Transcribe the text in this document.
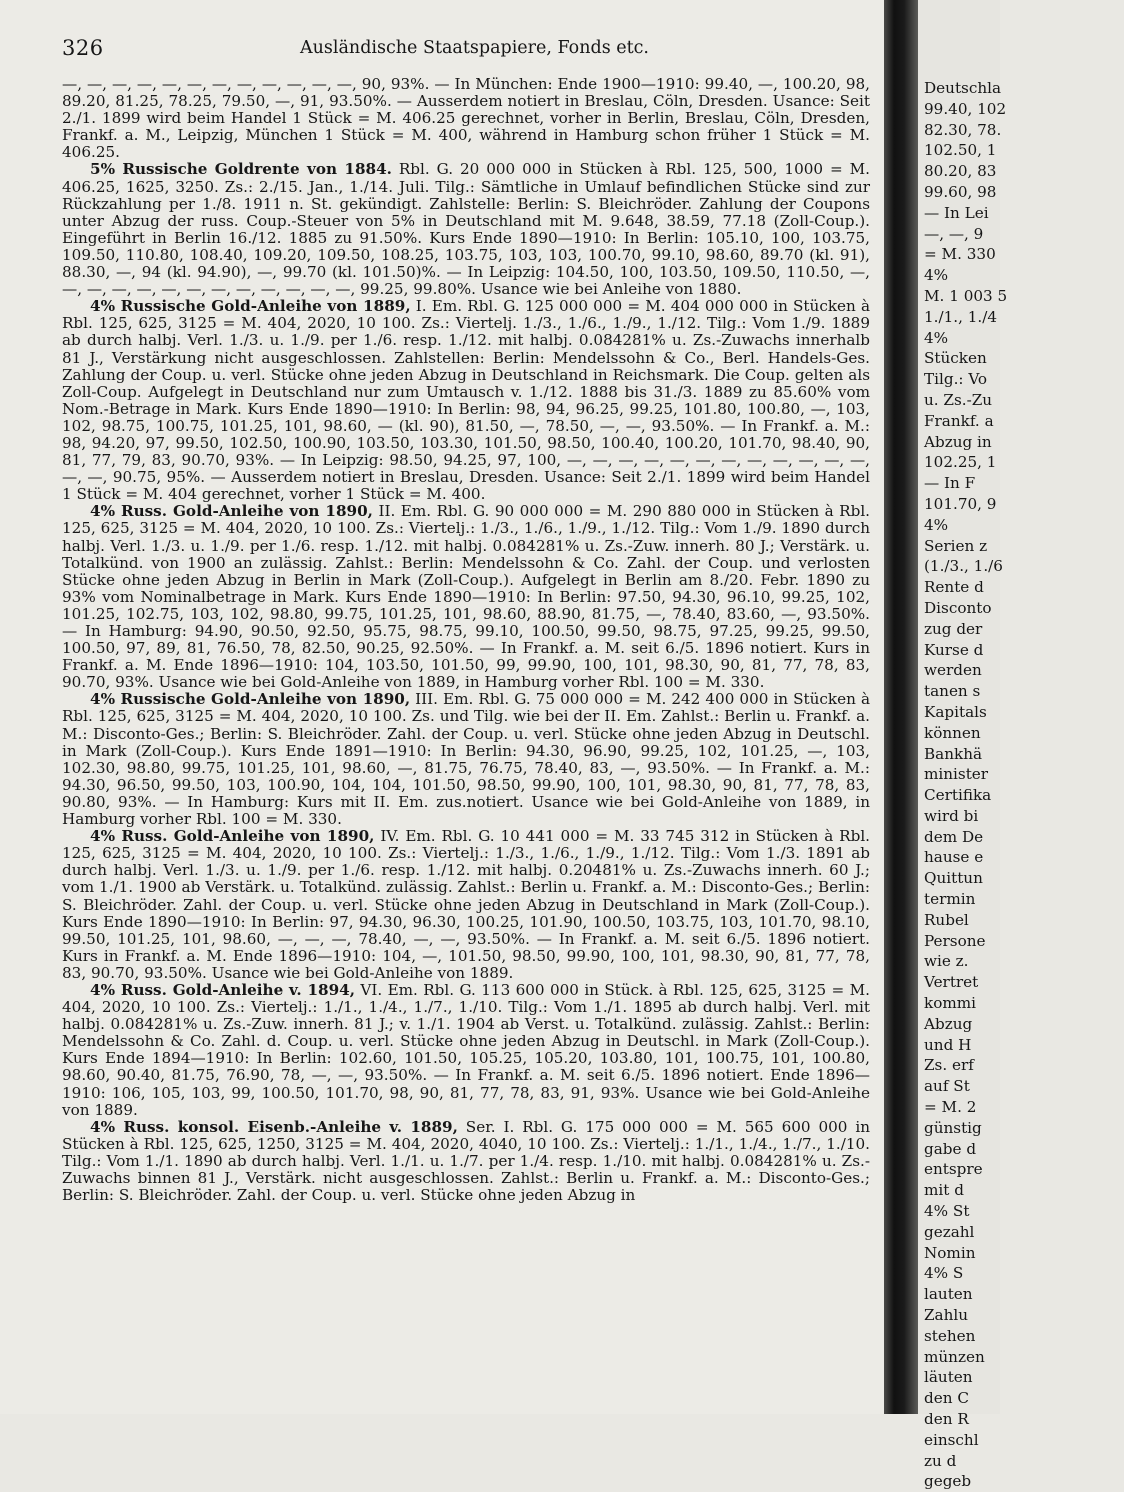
326	Ausländische Staatspapiere, Fonds etc.

—, —, —, —, —, —, —, —, —, —, —, —, 90, 93%. — In München: Ende 1900—1910: 99.40, —, 100.20, 98, 89.20, 81.25, 78.25, 79.50, —, 91, 93.50%. — Ausserdem notiert in Breslau, Cöln, Dresden. Usance: Seit 2./1. 1899 wird beim Handel 1 Stück = M. 406.25 gerechnet, vorher in Berlin, Breslau, Cöln, Dresden, Frankf. a. M., Leipzig, München 1 Stück = M. 400, während in Hamburg schon früher 1 Stück = M. 406.25.

5% Russische Goldrente von 1884. Rbl. G. 20 000 000 in Stücken à Rbl. 125, 500, 1000 = M. 406.25, 1625, 3250. Zs.: 2./15. Jan., 1./14. Juli. Tilg.: Sämtliche in Umlauf befindlichen Stücke sind zur Rückzahlung per 1./8. 1911 n. St. gekündigt. Zahlstelle: Berlin: S. Bleichröder. Zahlung der Coupons unter Abzug der russ. Coup.-Steuer von 5% in Deutschland mit M. 9.648, 38.59, 77.18 (Zoll-Coup.). Eingeführt in Berlin 16./12. 1885 zu 91.50%. Kurs Ende 1890—1910: In Berlin: 105.10, 100, 103.75, 109.50, 110.80, 108.40, 109.20, 109.50, 108.25, 103.75, 103, 103, 100.70, 99.10, 98.60, 89.70 (kl. 91), 88.30, —, 94 (kl. 94.90), —, 99.70 (kl. 101.50)%. — In Leipzig: 104.50, 100, 103.50, 109.50, 110.50, —, —, —, —, —, —, —, —, —, —, —, —, —, 99.25, 99.80%. Usance wie bei Anleihe von 1880.

4% Russische Gold-Anleihe von 1889, I. Em. Rbl. G. 125 000 000 = M. 404 000 000 in Stücken à Rbl. 125, 625, 3125 = M. 404, 2020, 10 100. Zs.: Viertelj. 1./3., 1./6., 1./9., 1./12. Tilg.: Vom 1./9. 1889 ab durch halbj. Verl. 1./3. u. 1./9. per 1./6. resp. 1./12. mit halbj. 0.084281% u. Zs.-Zuwachs innerhalb 81 J., Verstärkung nicht ausgeschlossen. Zahlstellen: Berlin: Mendelssohn & Co., Berl. Handels-Ges. Zahlung der Coup. u. verl. Stücke ohne jeden Abzug in Deutschland in Reichsmark. Die Coup. gelten als Zoll-Coup. Aufgelegt in Deutschland nur zum Umtausch v. 1./12. 1888 bis 31./3. 1889 zu 85.60% vom Nom.-Betrage in Mark. Kurs Ende 1890—1910: In Berlin: 98, 94, 96.25, 99.25, 101.80, 100.80, —, 103, 102, 98.75, 100.75, 101.25, 101, 98.60, — (kl. 90), 81.50, —, 78.50, —, —, 93.50%. — In Frankf. a. M.: 98, 94.20, 97, 99.50, 102.50, 100.90, 103.50, 103.30, 101.50, 98.50, 100.40, 100.20, 101.70, 98.40, 90, 81, 77, 79, 83, 90.70, 93%. — In Leipzig: 98.50, 94.25, 97, 100, —, —, —, —, —, —, —, —, —, —, —, —, —, —, 90.75, 95%. — Ausserdem notiert in Breslau, Dresden. Usance: Seit 2./1. 1899 wird beim Handel 1 Stück = M. 404 gerechnet, vorher 1 Stück = M. 400.

4% Russ. Gold-Anleihe von 1890, II. Em. Rbl. G. 90 000 000 = M. 290 880 000 in Stücken à Rbl. 125, 625, 3125 = M. 404, 2020, 10 100. Zs.: Viertelj.: 1./3., 1./6., 1./9., 1./12. Tilg.: Vom 1./9. 1890 durch halbj. Verl. 1./3. u. 1./9. per 1./6. resp. 1./12. mit halbj. 0.084281% u. Zs.-Zuw. innerh. 80 J.; Verstärk. u. Totalkünd. von 1900 an zulässig. Zahlst.: Berlin: Mendelssohn & Co. Zahl. der Coup. und verlosten Stücke ohne jeden Abzug in Berlin in Mark (Zoll-Coup.). Aufgelegt in Berlin am 8./20. Febr. 1890 zu 93% vom Nominalbetrage in Mark. Kurs Ende 1890—1910: In Berlin: 97.50, 94.30, 96.10, 99.25, 102, 101.25, 102.75, 103, 102, 98.80, 99.75, 101.25, 101, 98.60, 88.90, 81.75, —, 78.40, 83.60, —, 93.50%. — In Hamburg: 94.90, 90.50, 92.50, 95.75, 98.75, 99.10, 100.50, 99.50, 98.75, 97.25, 99.25, 99.50, 100.50, 97, 89, 81, 76.50, 78, 82.50, 90.25, 92.50%. — In Frankf. a. M. seit 6./5. 1896 notiert. Kurs in Frankf. a. M. Ende 1896—1910: 104, 103.50, 101.50, 99, 99.90, 100, 101, 98.30, 90, 81, 77, 78, 83, 90.70, 93%. Usance wie bei Gold-Anleihe von 1889, in Hamburg vorher Rbl. 100 = M. 330.

4% Russische Gold-Anleihe von 1890, III. Em. Rbl. G. 75 000 000 = M. 242 400 000 in Stücken à Rbl. 125, 625, 3125 = M. 404, 2020, 10 100. Zs. und Tilg. wie bei der II. Em. Zahlst.: Berlin u. Frankf. a. M.: Disconto-Ges.; Berlin: S. Bleichröder. Zahl. der Coup. u. verl. Stücke ohne jeden Abzug in Deutschl. in Mark (Zoll-Coup.). Kurs Ende 1891—1910: In Berlin: 94.30, 96.90, 99.25, 102, 101.25, —, 103, 102.30, 98.80, 99.75, 101.25, 101, 98.60, —, 81.75, 76.75, 78.40, 83, —, 93.50%. — In Frankf. a. M.: 94.30, 96.50, 99.50, 103, 100.90, 104, 104, 101.50, 98.50, 99.90, 100, 101, 98.30, 90, 81, 77, 78, 83, 90.80, 93%. — In Hamburg: Kurs mit II. Em. zus.notiert. Usance wie bei Gold-Anleihe von 1889, in Hamburg vorher Rbl. 100 = M. 330.

4% Russ. Gold-Anleihe von 1890, IV. Em. Rbl. G. 10 441 000 = M. 33 745 312 in Stücken à Rbl. 125, 625, 3125 = M. 404, 2020, 10 100. Zs.: Viertelj.: 1./3., 1./6., 1./9., 1./12. Tilg.: Vom 1./3. 1891 ab durch halbj. Verl. 1./3. u. 1./9. per 1./6. resp. 1./12. mit halbj. 0.20481% u. Zs.-Zuwachs innerh. 60 J.; vom 1./1. 1900 ab Verstärk. u. Totalkünd. zulässig. Zahlst.: Berlin u. Frankf. a. M.: Disconto-Ges.; Berlin: S. Bleichröder. Zahl. der Coup. u. verl. Stücke ohne jeden Abzug in Deutschland in Mark (Zoll-Coup.). Kurs Ende 1890—1910: In Berlin: 97, 94.30, 96.30, 100.25, 101.90, 100.50, 103.75, 103, 101.70, 98.10, 99.50, 101.25, 101, 98.60, —, —, —, 78.40, —, —, 93.50%. — In Frankf. a. M. seit 6./5. 1896 notiert. Kurs in Frankf. a. M. Ende 1896—1910: 104, —, 101.50, 98.50, 99.90, 100, 101, 98.30, 90, 81, 77, 78, 83, 90.70, 93.50%. Usance wie bei Gold-Anleihe von 1889.

4% Russ. Gold-Anleihe v. 1894, VI. Em. Rbl. G. 113 600 000 in Stück. à Rbl. 125, 625, 3125 = M. 404, 2020, 10 100. Zs.: Viertelj.: 1./1., 1./4., 1./7., 1./10. Tilg.: Vom 1./1. 1895 ab durch halbj. Verl. mit halbj. 0.084281% u. Zs.-Zuw. innerh. 81 J.; v. 1./1. 1904 ab Verst. u. Totalkünd. zulässig. Zahlst.: Berlin: Mendelssohn & Co. Zahl. d. Coup. u. verl. Stücke ohne jeden Abzug in Deutschl. in Mark (Zoll-Coup.). Kurs Ende 1894—1910: In Berlin: 102.60, 101.50, 105.25, 105.20, 103.80, 101, 100.75, 101, 100.80, 98.60, 90.40, 81.75, 76.90, 78, —, —, 93.50%. — In Frankf. a. M. seit 6./5. 1896 notiert. Ende 1896—1910: 106, 105, 103, 99, 100.50, 101.70, 98, 90, 81, 77, 78, 83, 91, 93%. Usance wie bei Gold-Anleihe von 1889.

4% Russ. konsol. Eisenb.-Anleihe v. 1889, Ser. I. Rbl. G. 175 000 000 = M. 565 600 000 in Stücken à Rbl. 125, 625, 1250, 3125 = M. 404, 2020, 4040, 10 100. Zs.: Viertelj.: 1./1., 1./4., 1./7., 1./10. Tilg.: Vom 1./1. 1890 ab durch halbj. Verl. 1./1. u. 1./7. per 1./4. resp. 1./10. mit halbj. 0.084281% u. Zs.-Zuwachs binnen 81 J., Verstärk. nicht ausgeschlossen. Zahlst.: Berlin u. Frankf. a. M.: Disconto-Ges.; Berlin: S. Bleichröder. Zahl. der Coup. u. verl. Stücke ohne jeden Abzug in

Deutschla
99.40, 102
82.30, 78.
102.50, 1
80.20, 83
99.60, 98
— In Lei
—, —, 9
= M. 330
4%
M. 1 003 5
1./1., 1./4
4%
Stücken
Tilg.: Vo
u. Zs.-Zu
Frankf. a
Abzug in
102.25, 1
— In F
101.70, 9
4%
Serien z
(1./3., 1./6
Rente d
Disconto
zug der
Kurse d
werden
tanen s
Kapitals
können
Bankhä
minister
Certifika
wird bi
dem De
hause e
Quittun
termin
Rubel
Persone
wie z.
Vertret
kommi
Abzug
und H
Zs. erf
auf St
= M. 2
günstig
gabe d
entspre
mit d
4% St
gezahl
Nomin
4% S
lauten
Zahlu
stehen
münzen
läuten
den C
den R
einschl
zu d
gegeb
